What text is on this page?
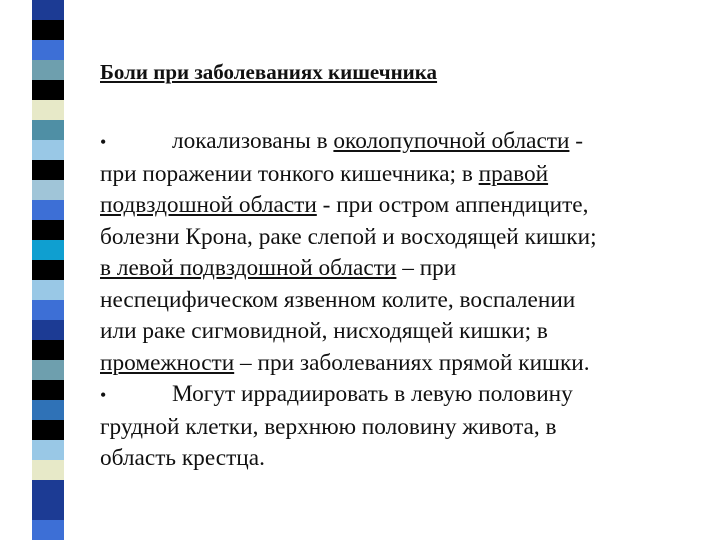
Боли при заболеваниях кишечника
•	локализованы в околопупочной области -
при поражении тонкого кишечника; в правой
подвздошной области - при остром аппендиците,
болезни Крона, раке слепой и восходящей кишки;
в левой подвздошной области – при
неспецифическом язвенном колите, воспалении
или раке сигмовидной, нисходящей кишки; в
промежности – при заболеваниях прямой кишки.
•	Могут иррадиировать в левую половину
грудной клетки, верхнюю половину живота, в
область крестца.
